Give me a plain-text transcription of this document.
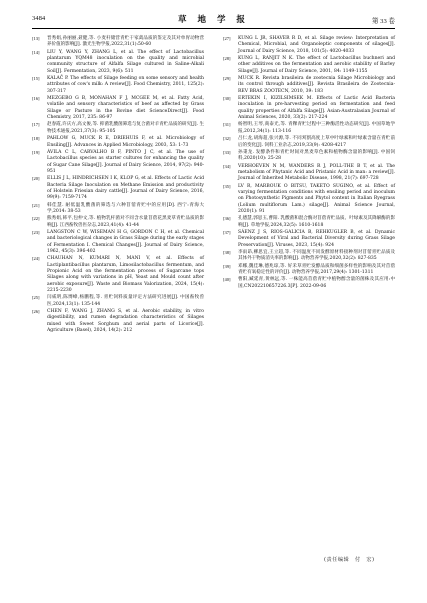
3484	草 地 学 报	第 33 卷
[13] 晋秀娟,孙丽丽,聂健,等. 小麦秆储营青贮干家禽品质的鉴定及其对单胃动物营养价值的影响[J]. 激光生物学报,2022,31(1):50-60
[14] LIU Y, WANG Y, ZHANG L, et al. The effect of Lactobacillus plantarum YQM48 inoculation on the quality and microbial community structure of Alfalfa Silage cultured in Saline-Alkali Soil[J]. Fermentation, 2023, 9(6): 511
[15] KALAČ P. The effects of Silage feeding on some sensory and health attributes of cow's milk: A review[J]. Food Chemistry, 2011, 125(2): 307-317
[16] MEZGEBO G B, MONAHAN F J, MCGEE M, et al. Fatty Acid, volatile and sensory characteristics of beef as affected by Grass Silage or Pasture in the Bovine diet ScienceDirect[J]. Food Chemistry, 2017, 235: 86-97
[17] 赵春霞,许庆方,高文俊,等. 抑菌乳酸菌筛选与复合菌对羊青贮品质的研究[J]. 生物技术通报,2021,37(3): 95-105
[18] PAHLOW G, MUCK R E, DRIEHUIS F, et al. Microbiology of Ensiling[J]. Advances in Applied Microbiology, 2003, 53: 1-73
[19] ÁVILA C L, CARVALHO B F, PINTO J C, et al. The use of Lactobacillus species as starter cultures for enhancing the quality of Sugar Cane Silage[J]. Journal of Dairy Science, 2014, 97(2): 940-951
[20] ELLIS J L, HINDRICHSEN I K, KLOP G, et al. Effects of Lactic Acid Bacteria Silage Inoculation on Methane Emission and productivity of Holstein Friesian dairy cattle[J]. Journal of Dairy Science, 2016, 99(9): 7159-7174
[21] 韩佳慧. 耐低温乳酸菌的筛选与六种苜蓿青贮中的应用[D]. 西宁:青海大学,2014: 38-53
[22] 熊秀娟,韩平,包仲文,等. 植物乳杆菌对不同含水量苜蓿花黑麦草青贮品质的影响[J]. 江西畜牧兽医杂志,2023,41(4): 41-44
[23] LANGSTON C W, WISEMAN H G, GORDON C H, et al. Chemical and bacteriological changes in Grass Silage during the early stages of Fermentation I. Chemical Changes[J]. Journal of Dairy Science, 1962, 45(3): 396-402
[24] CHAUHAN N, KUMARI N, MANI V, et al. Effects of Lactiplantibacillus plantarum, Limosilactobacillus fermentum, and Propionic Acid on the fermentation process of Sugarcane tops Silages along with variations in pH, Yeast and Mould count after aerobic exposure[J]. Waste and Biomass Valorization, 2024, 15(4): 2215-2230
[25] 闫威明,陈博峰,杨鹏程,等. 青贮饲料质量评定方法研究进展[J]. 中国畜牧兽医,2024,13(1): 135-144
[26] CHEN F, WANG J, ZHANG S, et al. Aerobic stability, in vitro digestibility, and rumen degradation characteristics of Silages mixed with Sweet Sorghum and aerial parts of Licorice[J]. Agriculture (Basel), 2024, 14(2): 212
[27] KUNG L JR, SHAVER R D, et al. Silage review: Interpretation of Chemical, Microbial, and Organoleptic components of silages[J]. Journal of Dairy Science, 2018, 101(5): 4020-4033
[28] KUNG L, RANJIT N K. The effect of Lactobacillus buchneri and other additives on the fermentation and aerobic stability of Barley Silage[J]. Journal of Dairy Science, 2001, 84: 1149-1155
[29] MUCK R. Revista brasileira de zootecnia Silage Microbiology and its control through additives[J]. Revista Brasileira de Zootecnia-REV BRAS ZOOTECN, 2010, 39: 183
[30] ERTEKIN I, KIZILSIMSEK M. Effects of Lactic Acid Bacteria inoculation in pre-harvesting period on fermentation and feed quality properties of Alfalfa Silage[J]. Asian-Australasian Journal of Animal Sciences, 2020, 33(2): 217-224
[31] 杨智明,王琴,商泰光,等. 青稞青贮过程中三种酶活性动态研究[J]. 中国草地学报,2012,34(1): 113-116
[32] 吕仁龙,胡海超,张兴源,等. 不同刈割高度上草中叶绿素和叶绿素含量在青贮前后的变化[J]. 饲料工业杂志,2019,33(9): 4208-4217
[33] 孙秉龙. 发酵条件和青贮时间对黑麦草色素和植物酶含量的影响[J]. 中国饲料,2020(10): 25-28
[34] VERHOEVEN N M, WANDERS R J, POLL-THE B T, et al. The metabolism of Phytanic Acid and Pristanic Acid in man: a review[J]. Journal of Inherited Metabolic Disease, 1998, 21(7): 697-728
[35] LV R, MARBOUK O BITSU, TAKETO SUGINO, et al. Effect of varying fermentation conditions with ensiling period and inoculum on Photosynthetic Pigments and Phytol content in Italian Ryegrass (Lolium multiflorum Lam.) silage[J]. Animal Science Journal, 2020(1): 91
[36] 孔德慧,郭思玉,曹阳. 乳酸菌和混合酶对苜蓿青贮品质、叶绿素及其降解酶的影响[J]. 草地学报,2024,32(5): 1610-1618
[37] SÁENZ J S, RIOS-GALICIA B, REHKUGLER B, et al. Dynamic Development of Viral and Bacterial Diversity during Grass Silage Preservation[J]. Viruses, 2023, 15(4): 924
[38] 李雨昂,柳思宜,王立超,等. 不同温度不同发酵原材料接种剂对苜蓿青贮品质及其体外干物质消失率的影响[J]. 动物营养学报,2020,32(2): 827-835
[39] 邓娜,魏佳琳,德兆琼,等. 好禾草青贮发酵品质和细菌多样性的影响及其对苜蓿青贮有氧稳定性的评价[J]. 动物营养学报,2017,29(4): 1301-1311
[40] 曹阳,臧延青,黄林远,等. 一株能高苜蓿青贮中植物醇含量的菌株及其应用:中国,CN202210657226.3[P]. 2022-09-06
(责任编辑　付　宏)
